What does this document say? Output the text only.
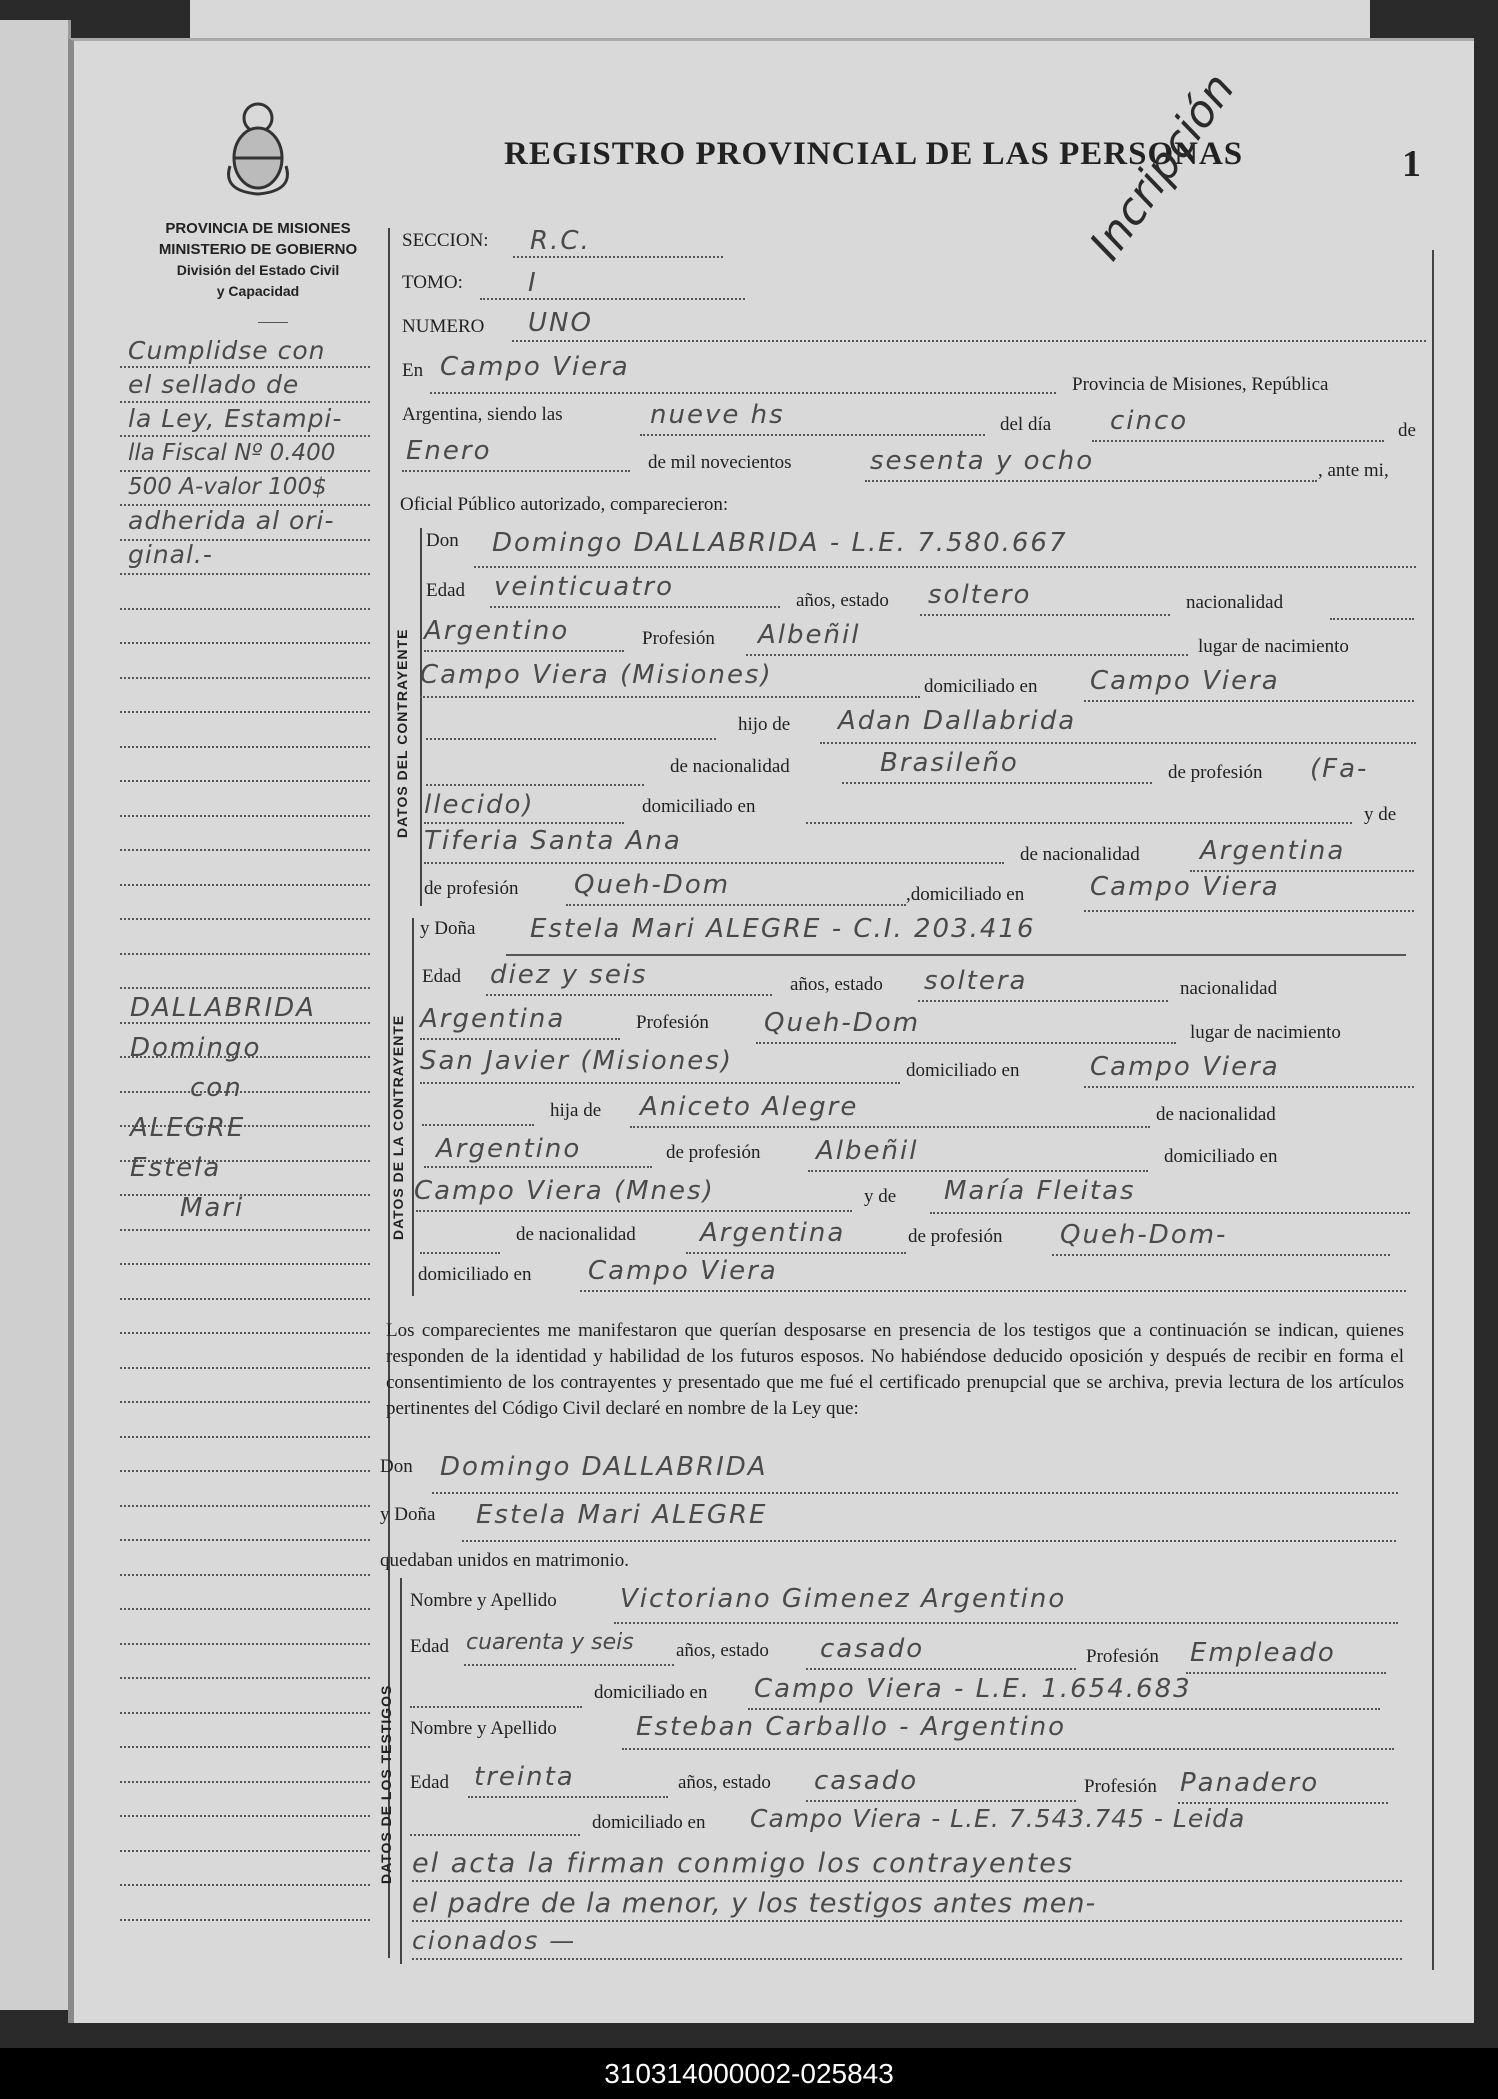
REGISTRO PROVINCIAL DE LAS PERSONAS	1
Incripción
PROVINCIA DE MISIONES
MINISTERIO DE GOBIERNO
División del Estado Civil
y Capacidad
Cumplidse con
el sellado de
la Ley, Estampi-
lla Fiscal Nº 0.400
500 A-valor 100$
adherida al ori-
ginal.-
DALLABRIDA
Domingo
con
ALEGRE
Estela
Mari
SECCION: R.C.
TOMO:	I
NUMERO UNO
En Campo Viera
Provincia de Misiones, República
Argentina, siendo las	nueve hs	del día cinco	de
Enero	de mil novecientos	sesenta y ocho	, ante mi,
Oficial Público autorizado, comparecieron:
DATOS DEL CONTRAYENTE
Don Domingo DALLABRIDA - L.E. 7.580.667
Edad veinticuatro	años, estado soltero	nacionalidad
Argentino	Profesión Albeñil	lugar de nacimiento
Campo Viera (Misiones)	domiciliado en Campo Viera
hijo de Adan Dallabrida
de nacionalidad	Brasileño	de profesión (Fa-
llecido)	domiciliado en	y de
Tiferia Santa Ana	de nacionalidad Argentina
de profesión Queh-Dom	,domiciliado en	Campo Viera
DATOS DE LA CONTRAYENTE
y Doña Estela Mari ALEGRE - C.I. 203.416
Edad diez y seis	años, estado soltera	nacionalidad
Argentina	Profesión Queh-Dom	lugar de nacimiento
San Javier (Misiones)	domiciliado en	Campo Viera
hija de Aniceto Alegre	de nacionalidad
Argentino	de profesión Albeñil	domiciliado en
Campo Viera (Mnes)	y de María Fleitas
de nacionalidad Argentina	de profesión Queh-Dom-
domiciliado en Campo Viera
Los comparecientes me manifestaron que querían desposarse en presencia de los testigos que a continuación se indican, quienes responden de la identidad y habilidad de los futuros esposos. No habiéndose deducido oposición y después de recibir en forma el consentimiento de los contrayentes y presentado que me fué el certificado prenupcial que se archiva, previa lectura de los artículos pertinentes del Código Civil declaré en nombre de la Ley que:
Don Domingo DALLABRIDA
y Doña Estela Mari ALEGRE
quedaban unidos en matrimonio.
DATOS DE LOS TESTIGOS
Nombre y Apellido Victoriano Gimenez Argentino
Edad cuarenta y seis años, estado casado	Profesión Empleado
domiciliado en Campo Viera - L.E. 1.654.683
Nombre y Apellido	Esteban Carballo - Argentino
Edad treinta	años, estado casado	Profesión Panadero
domiciliado en Campo Viera - L.E. 7.543.745 - Leida
el acta la firman conmigo los contrayentes
el padre de la menor, y los testigos antes men-
cionados —
310314000002-025843
